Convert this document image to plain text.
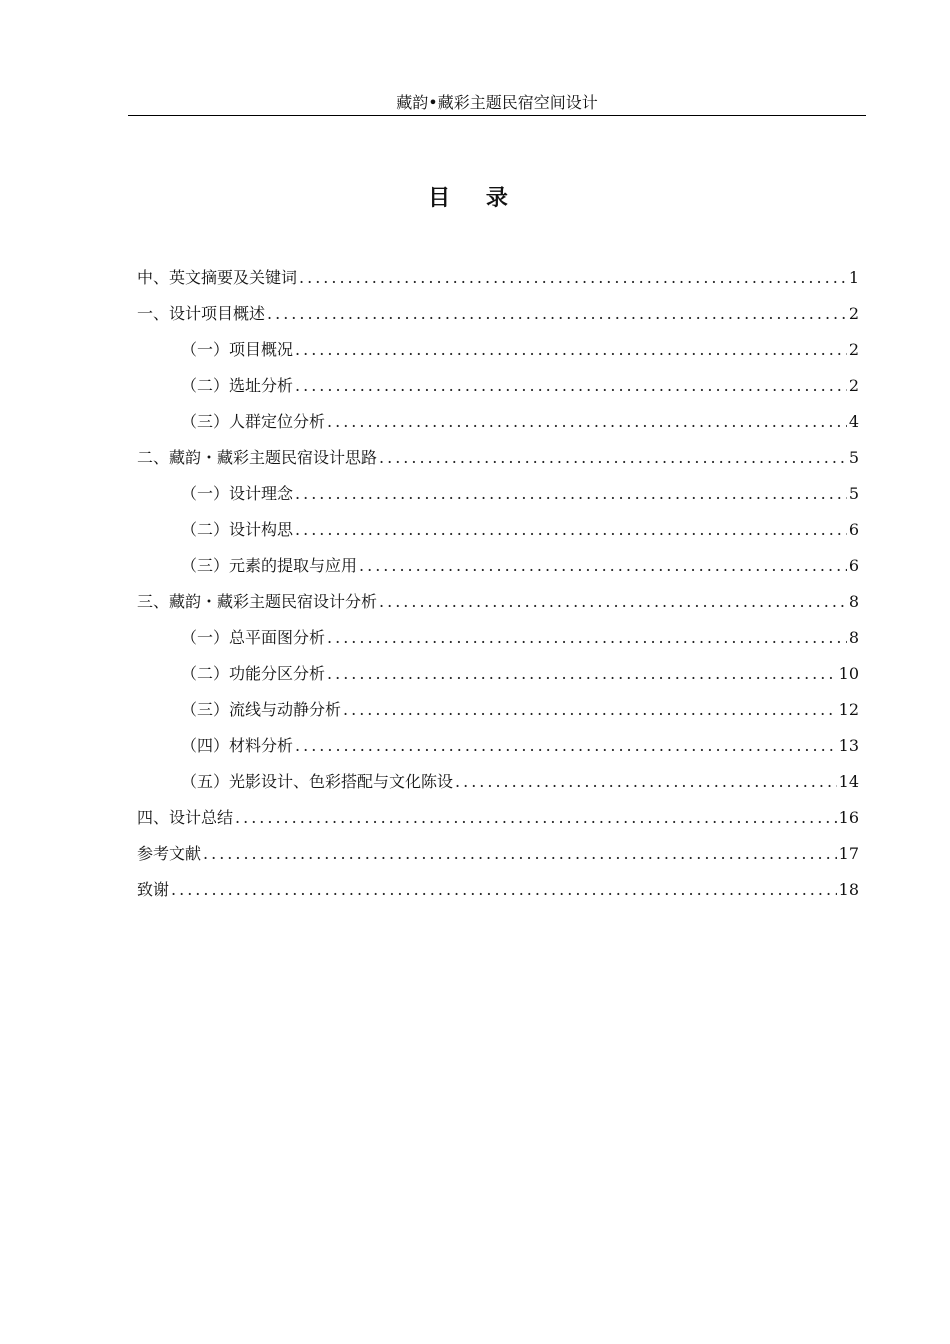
藏韵•藏彩主题民宿空间设计
目 录
中、英文摘要及关键词 .....	1
一、设计项目概述 .....	2
（一）项目概况 .....	2
（二）选址分析 .....	2
（三）人群定位分析 .....	4
二、藏韵・藏彩主题民宿设计思路 .....	5
（一）设计理念 .....	5
（二）设计构思 .....	6
（三）元素的提取与应用 .....	6
三、藏韵・藏彩主题民宿设计分析 .....	8
（一）总平面图分析 .....	8
（二）功能分区分析 .....	10
（三）流线与动静分析 .....	12
（四）材料分析 .....	13
（五）光影设计、色彩搭配与文化陈设 .....	14
四、设计总结 .....	16
参考文献 .....	17
致谢 .....	18
